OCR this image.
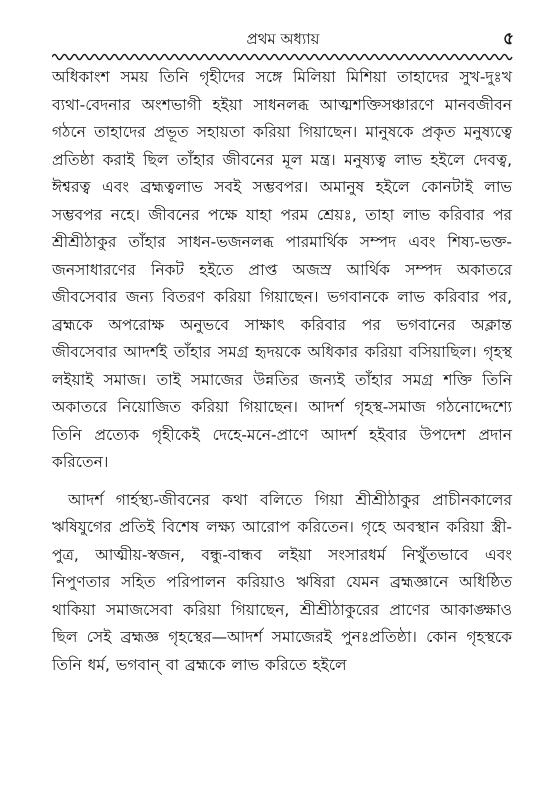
প্রথম অধ্যায়	৫

অধিকাংশ সময় তিনি গৃহীদের সঙ্গে মিলিয়া মিশিয়া তাহাদের সুখ-দুঃখ ব্যথা-বেদনার অংশভাগী হইয়া সাধনলব্ধ আত্মশক্তিসঞ্চারণে মানবজীবন গঠনে তাহাদের প্রভূত সহায়তা করিয়া গিয়াছেন। মানুষকে প্রকৃত মনুষ্যত্বে প্রতিষ্ঠা করাই ছিল তাঁহার জীবনের মূল মন্ত্র। মনুষ্যত্ব লাভ হইলে দেবত্ব, ঈশ্বরত্ব এবং ব্রহ্মত্বলাভ সবই সম্ভবপর। অমানুষ হইলে কোনটাই লাভ সম্ভবপর নহে। জীবনের পক্ষে যাহা পরম শ্রেয়ঃ, তাহা লাভ করিবার পর শ্রীশ্রীঠাকুর তাঁহার সাধন-ভজনলব্ধ পারমার্থিক সম্পদ এবং শিষ্য-ভক্ত-জনসাধারণের নিকট হইতে প্রাপ্ত অজস্র আর্থিক সম্পদ অকাতরে জীবসেবার জন্য বিতরণ করিয়া গিয়াছেন। ভগবানকে লাভ করিবার পর, ব্রহ্মকে অপরোক্ষ অনুভবে সাক্ষাৎ করিবার পর ভগবানের অক্লান্ত জীবসেবার আদর্শই তাঁহার সমগ্র হৃদয়কে অধিকার করিয়া বসিয়াছিল। গৃহস্থ লইয়াই সমাজ। তাই সমাজের উন্নতির জন্যই তাঁহার সমগ্র শক্তি তিনি অকাতরে নিয়োজিত করিয়া গিয়াছেন। আদর্শ গৃহস্থ-সমাজ গঠনোদ্দেশ্যে তিনি প্রত্যেক গৃহীকেই দেহে-মনে-প্রাণে আদর্শ হইবার উপদেশ প্রদান করিতেন।

আদর্শ গার্হস্থ্য-জীবনের কথা বলিতে গিয়া শ্রীশ্রীঠাকুর প্রাচীনকালের ঋষিযুগের প্রতিই বিশেষ লক্ষ্য আরোপ করিতেন। গৃহে অবস্থান করিয়া স্ত্রী-পুত্র, আত্মীয়-স্বজন, বন্ধু-বান্ধব লইয়া সংসারধর্ম নিখুঁতভাবে এবং নিপুণতার সহিত পরিপালন করিয়াও ঋষিরা যেমন ব্রহ্মজ্ঞানে অধিষ্ঠিত থাকিয়া সমাজসেবা করিয়া গিয়াছেন, শ্রীশ্রীঠাকুরের প্রাণের আকাঙ্ক্ষাও ছিল সেই ব্রহ্মজ্ঞ গৃহস্থের—আদর্শ সমাজেরই পুনঃপ্রতিষ্ঠা। কোন গৃহস্থকে তিনি ধর্ম, ভগবান্ বা ব্রহ্মকে লাভ করিতে হইলে
